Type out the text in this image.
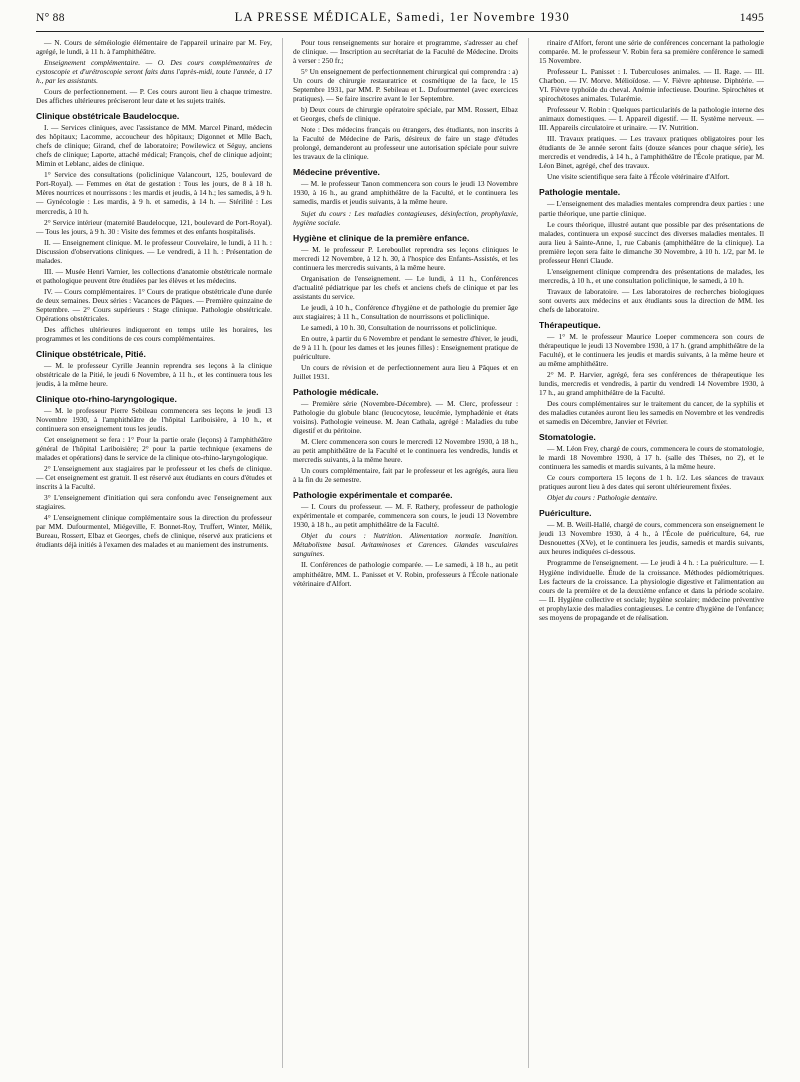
N° 88	LA PRESSE MÉDICALE, Samedi, 1er Novembre 1930	1495

— N. Cours de séméiologie élémentaire de l'appareil urinaire par M. Fey, agrégé, le lundi, à 11 h. à l'amphithéâtre.

Enseignement complémentaire. — O. Des cours complémentaires de cystoscopie et d'urétroscopie seront faits dans l'après-midi, toute l'année, à 17 h., par les assistants.

Cours de perfectionnement. — P. Ces cours auront lieu à chaque trimestre. Des affiches ultérieures préciseront leur date et les sujets traités.

Clinique obstétricale Baudelocque.

I. — Services cliniques, avec l'assistance de MM. Marcel Pinard, médecin des hôpitaux; Lacomme, accoucheur des hôpitaux; Digonnet et Mlle Bach, chefs de clinique; Girand, chef de laboratoire; Powilewicz et Séguy, anciens chefs de clinique; Laporte, attaché médical; François, chef de clinique adjoint; Mimin et Leblanc, aides de clinique.

1° Service des consultations (policlinique Valancourt, 125, boulevard de Port-Royal). — Femmes en état de gestation : Tous les jours, de 8 à 18 h. Mères nourrices et nourrissons : les mardis et jeudis, à 14 h.; les samedis, à 9 h. — Gynécologie : Les mardis, à 9 h. et samedis, à 14 h. — Stérilité : Les mercredis, à 10 h.

2° Service intérieur (maternité Baudelocque, 121, boulevard de Port-Royal). — Tous les jours, à 9 h. 30 : Visite des femmes et des enfants hospitalisés.

II. — Enseignement clinique. M. le professeur Couvelaire, le lundi, à 11 h. : Discussion d'observations cliniques. — Le vendredi, à 11 h. : Présentation de malades.

III. — Musée Henri Varnier, les collections d'anatomie obstétricale normale et pathologique peuvent être étudiées par les élèves et les médecins.

IV. — Cours complémentaires. 1° Cours de pratique obstétricale d'une durée de deux semaines. Deux séries : Vacances de Pâques. — Première quinzaine de Septembre. — 2° Cours supérieurs : Stage clinique. Pathologie obstétricale. Opérations obstétricales.

Des affiches ultérieures indiqueront en temps utile les horaires, les programmes et les conditions de ces cours complémentaires.

Clinique obstétricale, Pitié.

— M. le professeur Cyrille Jeannin reprendra ses leçons à la clinique obstétricale de la Pitié, le jeudi 6 Novembre, à 11 h., et les continuera tous les jeudis, à la même heure.

Clinique oto-rhino-laryngologique.

— M. le professeur Pierre Sebileau commencera ses leçons le jeudi 13 Novembre 1930, à l'amphithéâtre de l'hôpital Lariboisière, à 10 h., et continuera son enseignement tous les jeudis.

Cet enseignement se fera : 1° Pour la partie orale (leçons) à l'amphithéâtre général de l'hôpital Lariboisière; 2° pour la partie technique (examens de malades et opérations) dans le service de la clinique oto-rhino-laryngologique.

2° L'enseignement aux stagiaires par le professeur et les chefs de clinique. — Cet enseignement est gratuit. Il est réservé aux étudiants en cours d'études et inscrits à la Faculté.

3° L'enseignement d'initiation qui sera confondu avec l'enseignement aux stagiaires.

4° L'enseignement clinique complémentaire sous la direction du professeur par MM. Dufourmentel, Miégeville, F. Bonnet-Roy, Truffert, Winter, Mélik, Bureau, Rossert, Elbaz et Georges, chefs de clinique, réservé aux praticiens et étudiants déjà initiés à l'examen des malades et au maniement des instruments.

Pour tous renseignements sur horaire et programme, s'adresser au chef de clinique. — Inscription au secrétariat de la Faculté de Médecine. Droits à verser : 250 fr.;

5° Un enseignement de perfectionnement chirurgical qui comprendra : a) Un cours de chirurgie restauratrice et cosmétique de la face, le 15 Septembre 1931, par MM. P. Sebileau et L. Dufourmentel (avec exercices pratiques). — Se faire inscrire avant le 1er Septembre.

b) Deux cours de chirurgie opératoire spéciale, par MM. Rossert, Elbaz et Georges, chefs de clinique.

Note : Des médecins français ou étrangers, des étudiants, non inscrits à la Faculté de Médecine de Paris, désireux de faire un stage d'études prolongé, demanderont au professeur une autorisation spéciale pour suivre les travaux de la clinique.

Médecine préventive.

— M. le professeur Tanon commencera son cours le jeudi 13 Novembre 1930, à 16 h., au grand amphithéâtre de la Faculté, et le continuera les samedis, mardis et jeudis suivants, à la même heure.

Sujet du cours : Les maladies contagieuses, désinfection, prophylaxie, hygiène sociale.

Hygiène et clinique de la première enfance.

— M. le professeur P. Lereboullet reprendra ses leçons cliniques le mercredi 12 Novembre, à 12 h. 30, à l'hospice des Enfants-Assistés, et les continuera les mercredis suivants, à la même heure.

Organisation de l'enseignement. — Le lundi, à 11 h., Conférences d'actualité pédiatrique par les chefs et anciens chefs de clinique et par les assistants du service.

Le jeudi, à 10 h., Conférence d'hygiène et de pathologie du premier âge aux stagiaires; à 11 h., Consultation de nourrissons et policlinique.

Le samedi, à 10 h. 30, Consultation de nourrissons et policlinique.

En outre, à partir du 6 Novembre et pendant le semestre d'hiver, le jeudi, de 9 à 11 h. (pour les dames et les jeunes filles) : Enseignement pratique de puériculture.

Un cours de révision et de perfectionnement aura lieu à Pâques et en Juillet 1931.

Pathologie médicale.

— Première série (Novembre-Décembre). — M. Clerc, professeur : Pathologie du globule blanc (leucocytose, leucémie, lymphadénie et états voisins). Pathologie veineuse. M. Jean Cathala, agrégé : Maladies du tube digestif et du péritoine.

M. Clerc commencera son cours le mercredi 12 Novembre 1930, à 18 h., au petit amphithéâtre de la Faculté et le continuera les vendredis, lundis et mercredis suivants, à la même heure.

Un cours complémentaire, fait par le professeur et les agrégés, aura lieu à la fin du 2e semestre.

Pathologie expérimentale et comparée.

— I. Cours du professeur. — M. F. Rathery, professeur de pathologie expérimentale et comparée, commencera son cours, le jeudi 13 Novembre 1930, à 18 h., au petit amphithéâtre de la Faculté.

Objet du cours : Nutrition. Alimentation normale. Inanition. Métabolisme basal. Avitaminoses et Carences. Glandes vasculaires sanguines.

II. Conférences de pathologie comparée. — Le samedi, à 18 h., au petit amphithéâtre, MM. L. Panisset et V. Robin, professeurs à l'École nationale vétérinaire d'Alfort.

rinaire d'Alfort, feront une série de conférences concernant la pathologie comparée. M. le professeur V. Robin fera sa première conférence le samedi 15 Novembre.

Professeur L. Panisset : I. Tuberculoses animales. — II. Rage. — III. Charbon. — IV. Morve. Mélioïdose. — V. Fièvre aphteuse. Diphtérie. — VI. Fièvre typhoïde du cheval. Anémie infectieuse. Dourine. Spirochètes et spirochétoses animales. Tularémie.

Professeur V. Robin : Quelques particularités de la pathologie interne des animaux domestiques. — I. Appareil digestif. — II. Système nerveux. — III. Appareils circulatoire et urinaire. — IV. Nutrition.

III. Travaux pratiques. — Les travaux pratiques obligatoires pour les étudiants de 3e année seront faits (douze séances pour chaque série), les mercredis et vendredis, à 14 h., à l'amphithéâtre de l'École pratique, par M. Léon Binet, agrégé, chef des travaux.

Une visite scientifique sera faite à l'École vétérinaire d'Alfort.

Pathologie mentale.

— L'enseignement des maladies mentales comprendra deux parties : une partie théorique, une partie clinique.

Le cours théorique, illustré autant que possible par des présentations de malades, continuera un exposé succinct des diverses maladies mentales. Il aura lieu à Sainte-Anne, 1, rue Cabanis (amphithéâtre de la clinique). La première leçon sera faite le dimanche 30 Novembre, à 10 h. 1/2, par M. le professeur Henri Claude.

L'enseignement clinique comprendra des présentations de malades, les mercredis, à 10 h., et une consultation policlinique, le samedi, à 10 h.

Travaux de laboratoire. — Les laboratoires de recherches biologiques sont ouverts aux médecins et aux étudiants sous la direction de MM. les chefs de laboratoire.

Thérapeutique.

— 1° M. le professeur Maurice Loeper commencera son cours de thérapeutique le jeudi 13 Novembre 1930, à 17 h. (grand amphithéâtre de la Faculté), et le continuera les jeudis et mardis suivants, à la même heure et au même amphithéâtre.

2° M. P. Harvier, agrégé, fera ses conférences de thérapeutique les lundis, mercredis et vendredis, à partir du vendredi 14 Novembre 1930, à 17 h., au grand amphithéâtre de la Faculté.

Des cours complémentaires sur le traitement du cancer, de la syphilis et des maladies cutanées auront lieu les samedis en Novembre et les vendredis et samedis en Décembre, Janvier et Février.

Stomatologie.

— M. Léon Frey, chargé de cours, commencera le cours de stomatologie, le mardi 18 Novembre 1930, à 17 h. (salle des Thèses, no 2), et le continuera les samedis et mardis suivants, à la même heure.

Ce cours comportera 15 leçons de 1 h. 1/2. Les séances de travaux pratiques auront lieu à des dates qui seront ultérieurement fixées.

Objet du cours : Pathologie dentaire.

Puériculture.

— M. B. Weill-Hallé, chargé de cours, commencera son enseignement le jeudi 13 Novembre 1930, à 4 h., à l'École de puériculture, 64, rue Desnouettes (XVe), et le continuera les jeudis, samedis et mardis suivants, aux heures indiquées ci-dessous.

Programme de l'enseignement. — Le jeudi à 4 h. : La puériculture. — I. Hygiène individuelle. Étude de la croissance. Méthodes pédiométriques. Les facteurs de la croissance. La physiologie digestive et l'alimentation au cours de la première et de la deuxième enfance et dans la période scolaire. — II. Hygiène collective et sociale; hygiène scolaire; médecine préventive et prophylaxie des maladies contagieuses. Le centre d'hygiène de l'enfance; ses moyens de propagande et de réalisation.
